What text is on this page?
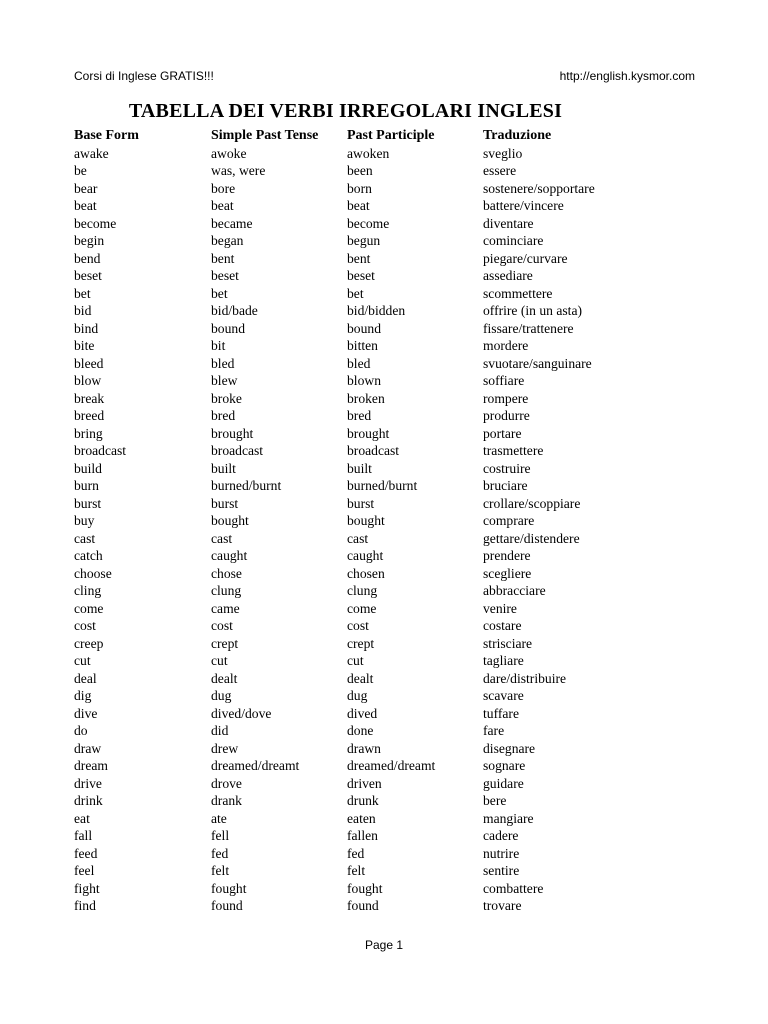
Corsi di Inglese GRATIS!!!	http://english.kysmor.com
TABELLA DEI VERBI IRREGOLARI INGLESI
Base Form	Simple Past Tense	Past Participle	Traduzione
awake	awoke	awoken	sveglio
be	was, were	been	essere
bear	bore	born	sostenere/sopportare
beat	beat	beat	battere/vincere
become	became	become	diventare
begin	began	begun	cominciare
bend	bent	bent	piegare/curvare
beset	beset	beset	assediare
bet	bet	bet	scommettere
bid	bid/bade	bid/bidden	offrire (in un asta)
bind	bound	bound	fissare/trattenere
bite	bit	bitten	mordere
bleed	bled	bled	svuotare/sanguinare
blow	blew	blown	soffiare
break	broke	broken	rompere
breed	bred	bred	produrre
bring	brought	brought	portare
broadcast	broadcast	broadcast	trasmettere
build	built	built	costruire
burn	burned/burnt	burned/burnt	bruciare
burst	burst	burst	crollare/scoppiare
buy	bought	bought	comprare
cast	cast	cast	gettare/distendere
catch	caught	caught	prendere
choose	chose	chosen	scegliere
cling	clung	clung	abbracciare
come	came	come	venire
cost	cost	cost	costare
creep	crept	crept	strisciare
cut	cut	cut	tagliare
deal	dealt	dealt	dare/distribuire
dig	dug	dug	scavare
dive	dived/dove	dived	tuffare
do	did	done	fare
draw	drew	drawn	disegnare
dream	dreamed/dreamt	dreamed/dreamt	sognare
drive	drove	driven	guidare
drink	drank	drunk	bere
eat	ate	eaten	mangiare
fall	fell	fallen	cadere
feed	fed	fed	nutrire
feel	felt	felt	sentire
fight	fought	fought	combattere
find	found	found	trovare
Page 1
